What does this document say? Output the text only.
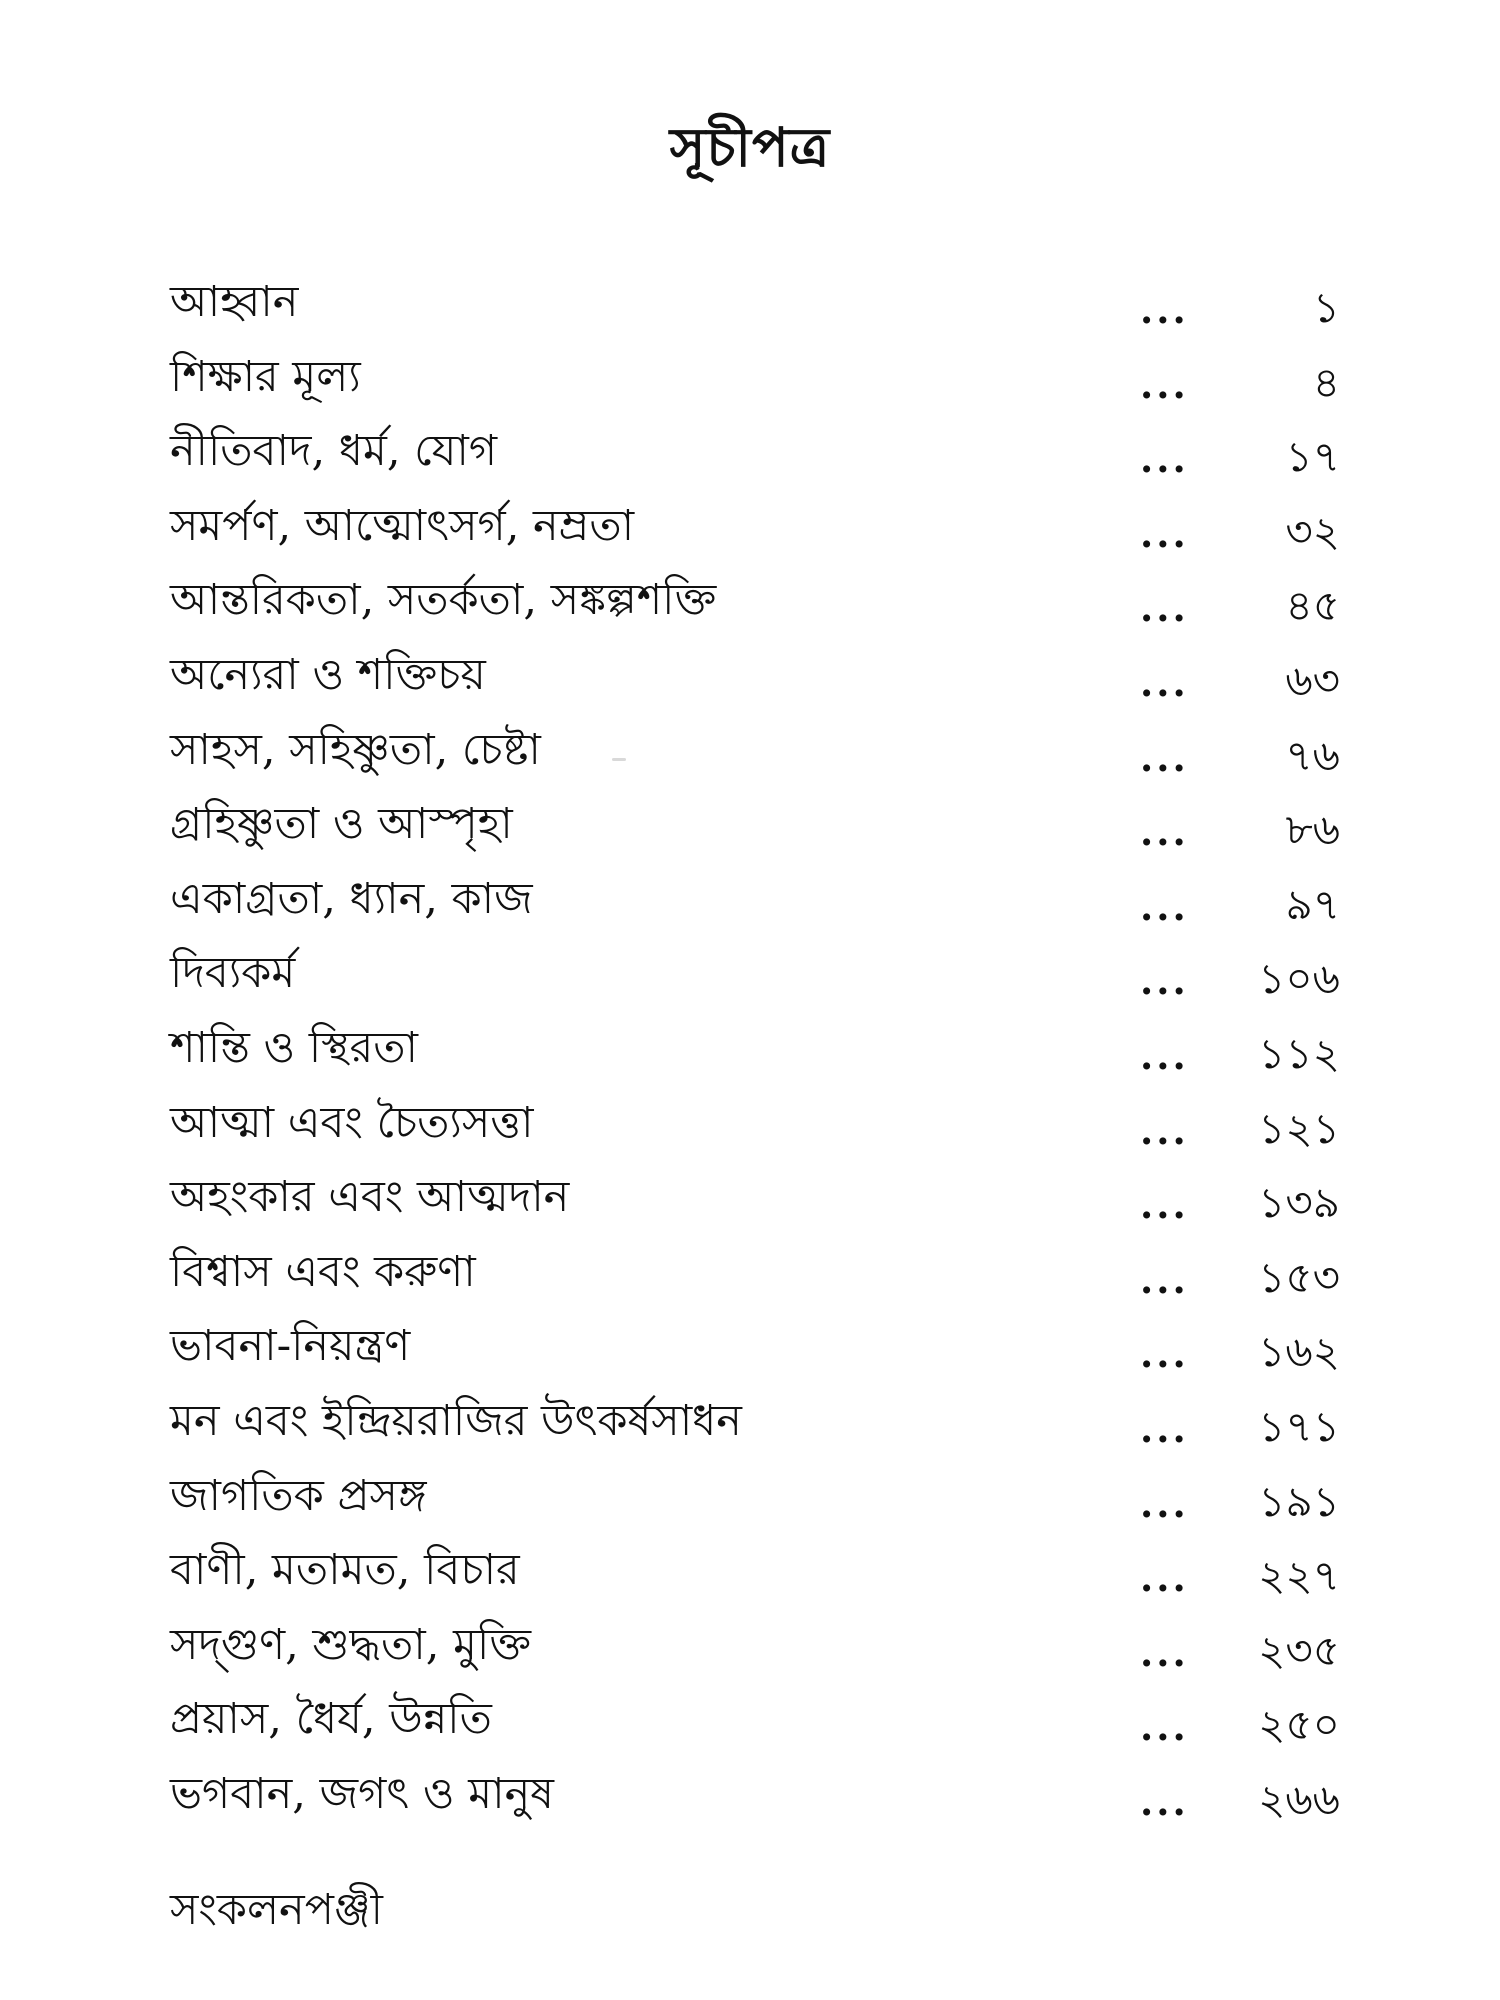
সূচীপত্র
আহ্বান	...	১
শিক্ষার মূল্য	...	৪
নীতিবাদ, ধর্ম, যোগ	...	১৭
সমর্পণ, আত্মোৎসর্গ, নম্রতা	...	৩২
আন্তরিকতা, সতর্কতা, সঙ্কল্পশক্তি	...	৪৫
অন্যেরা ও শক্তিচয়	...	৬৩
সাহস, সহিষ্ণুতা, চেষ্টা	...	৭৬
গ্রহিষ্ণুতা ও আস্পৃহা	...	৮৬
একাগ্রতা, ধ্যান, কাজ	...	৯৭
দিব্যকর্ম	...	১০৬
শান্তি ও স্থিরতা	...	১১২
আত্মা এবং চৈত্যসত্তা	...	১২১
অহংকার এবং আত্মদান	...	১৩৯
বিশ্বাস এবং করুণা	...	১৫৩
ভাবনা-নিয়ন্ত্রণ	...	১৬২
মন এবং ইন্দ্রিয়রাজির উৎকর্ষসাধন	...	১৭১
জাগতিক প্রসঙ্গ	...	১৯১
বাণী, মতামত, বিচার	...	২২৭
সদ্গুণ, শুদ্ধতা, মুক্তি	...	২৩৫
প্রয়াস, ধৈর্য, উন্নতি	...	২৫০
ভগবান, জগৎ ও মানুষ	...	২৬৬
সংকলনপঞ্জী
